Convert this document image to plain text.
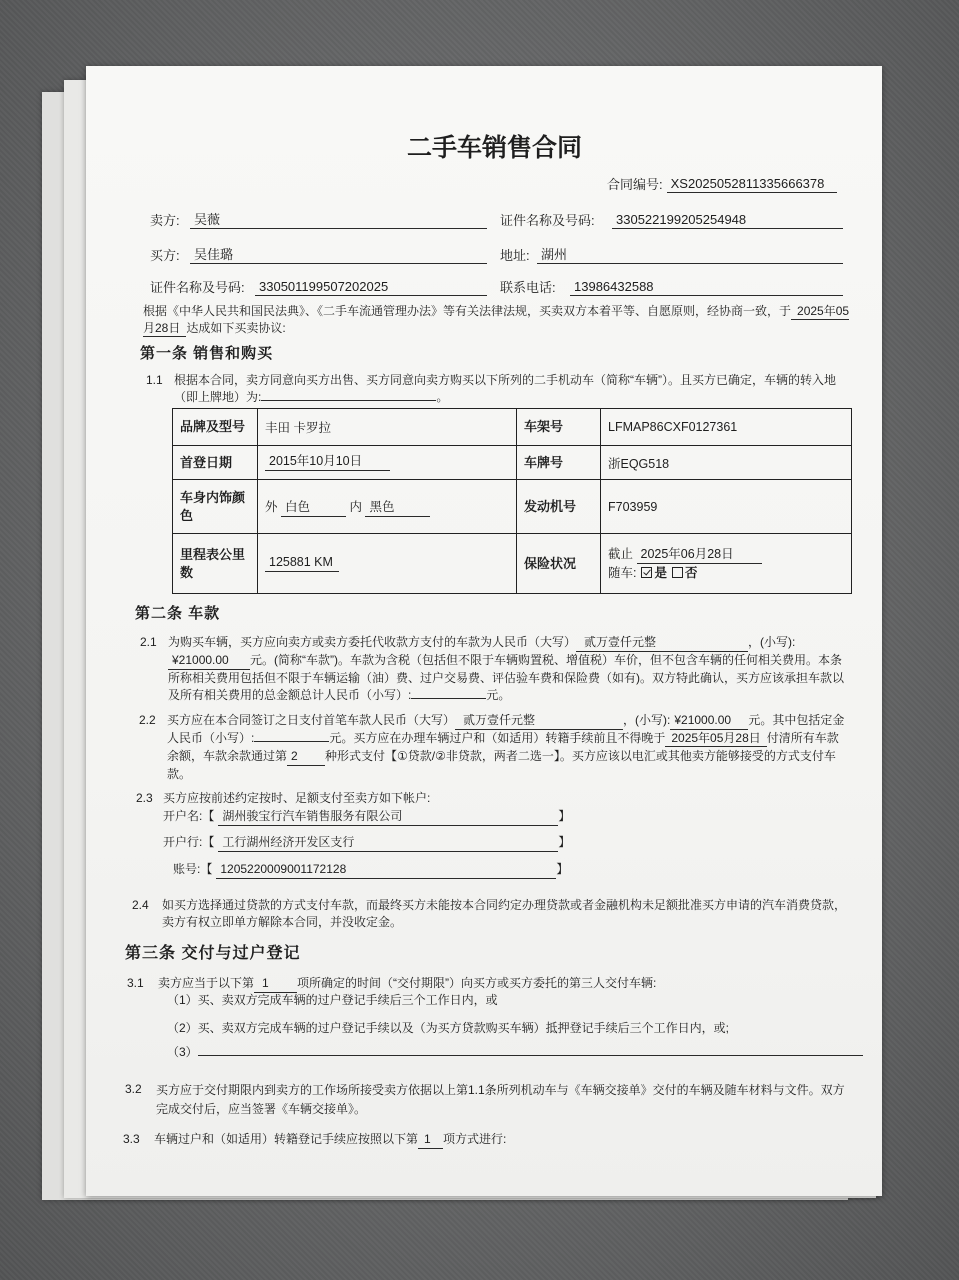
二手车销售合同
合同编号: XS2025052811335666378
卖方:	吴薇	证件名称及号码:	330522199205254948
买方:	吴佳璐	地址: 湖州
证件名称及号码:	330501199507202025	联系电话:	13986432588
根据《中华人民共和国民法典》、《二手车流通管理办法》等有关法律法规，买卖双方本着平等、自愿原则，经协商一致，于 2025年05月28日 达成如下买卖协议:
第一条 销售和购买
1.1 根据本合同，卖方同意向买方出售、买方同意向卖方购买以下所列的二手机动车（简称“车辆”）。且买方已确定，车辆的转入地（即上牌地）为:	。
品牌及型号	丰田 卡罗拉	车架号	LFMAP86CXF0127361
首登日期	2015年10月10日	车牌号	浙EQG518
车身内饰颜色	外 白色 内 黑色	发动机号	F703959
里程表公里数	125881 KM	保险状况	截止 2025年06月28日
随车: 是 否
第二条 车款
2.1 为购买车辆，买方应向卖方或卖方委托代收款方支付的车款为人民币（大写） 贰万壹仟元整	，(小写):¥21000.00 元。(简称“车款”)。车款为含税（包括但不限于车辆购置税、增值税）车价，但不包含车辆的任何相关费用。本条所称相关费用包括但不限于车辆运输（油）费、过户交易费、评估验车费和保险费（如有)。双方特此确认，买方应该承担车款以及所有相关费用的总金额总计人民币（小写）:	元。
2.2 买方应在本合同签订之日支付首笔车款人民币（大写） 贰万壹仟元整	，(小写): ¥21000.00 元。其中包括定金人民币（小写）:	元。买方应在办理车辆过户和（如适用）转籍手续前且不得晚于 2025年05月28日 付清所有车款余额，车款余款通过第 2 种形式支付【①贷款/②非贷款，两者二选一】。买方应该以电汇或其他卖方能够接受的方式支付车款。
2.3 买方应按前述约定按时、足额支付至卖方如下帐户:
开户名:【 湖州骏宝行汽车销售服务有限公司	】
开户行:【 工行湖州经济开发区支行	】
账号:【 1205220009001172128	】
2.4 如买方选择通过贷款的方式支付车款，而最终买方未能按本合同约定办理贷款或者金融机构未足额批准买方申请的汽车消费贷款，卖方有权立即单方解除本合同，并没收定金。
第三条 交付与过户登记
3.1 卖方应当于以下第 1 项所确定的时间（“交付期限”）向买方或买方委托的第三人交付车辆:
（1）买、卖双方完成车辆的过户登记手续后三个工作日内，或
（2）买、卖双方完成车辆的过户登记手续以及（为买方贷款购买车辆）抵押登记手续后三个工作日内，或;
（3）
3.2 买方应于交付期限内到卖方的工作场所接受卖方依据以上第1.1条所列机动车与《车辆交接单》交付的车辆及随车材料与文件。双方完成交付后，应当签署《车辆交接单》。
3.3 车辆过户和（如适用）转籍登记手续应按照以下第 1 项方式进行:
